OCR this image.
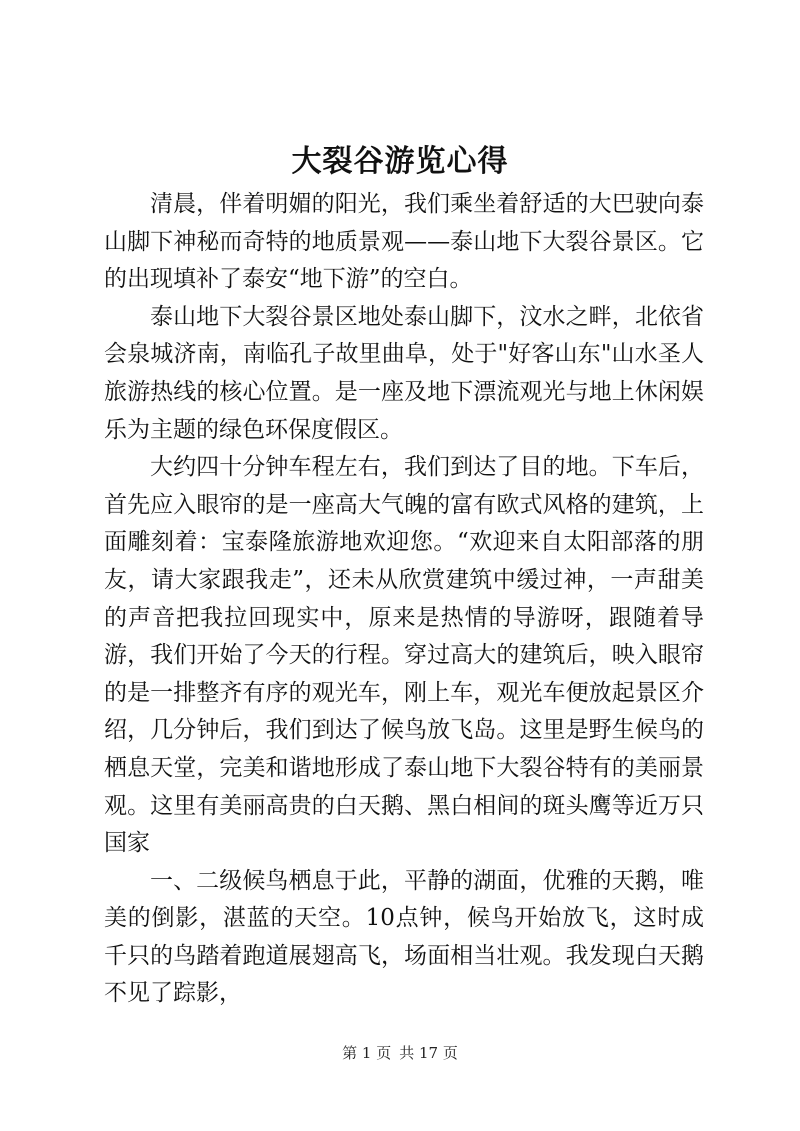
大裂谷游览心得

清晨，伴着明媚的阳光，我们乘坐着舒适的大巴驶向泰山脚下神秘而奇特的地质景观——泰山地下大裂谷景区。它的出现填补了泰安“地下游”的空白。

泰山地下大裂谷景区地处泰山脚下，汶水之畔，北依省会泉城济南，南临孔子故里曲阜，处于"好客山东"山水圣人旅游热线的核心位置。是一座及地下漂流观光与地上休闲娱乐为主题的绿色环保度假区。

大约四十分钟车程左右，我们到达了目的地。下车后，首先应入眼帘的是一座高大气魄的富有欧式风格的建筑，上面雕刻着：宝泰隆旅游地欢迎您。“欢迎来自太阳部落的朋友，请大家跟我走”，还未从欣赏建筑中缓过神，一声甜美的声音把我拉回现实中，原来是热情的导游呀，跟随着导游，我们开始了今天的行程。穿过高大的建筑后，映入眼帘的是一排整齐有序的观光车，刚上车，观光车便放起景区介绍，几分钟后，我们到达了候鸟放飞岛。这里是野生候鸟的栖息天堂，完美和谐地形成了泰山地下大裂谷特有的美丽景观。这里有美丽高贵的白天鹅、黑白相间的斑头鹰等近万只国家

一、二级候鸟栖息于此，平静的湖面，优雅的天鹅，唯美的倒影，湛蓝的天空。10点钟，候鸟开始放飞，这时成千只的鸟踏着跑道展翅高飞，场面相当壮观。我发现白天鹅不见了踪影，

第 1 页 共 17 页
